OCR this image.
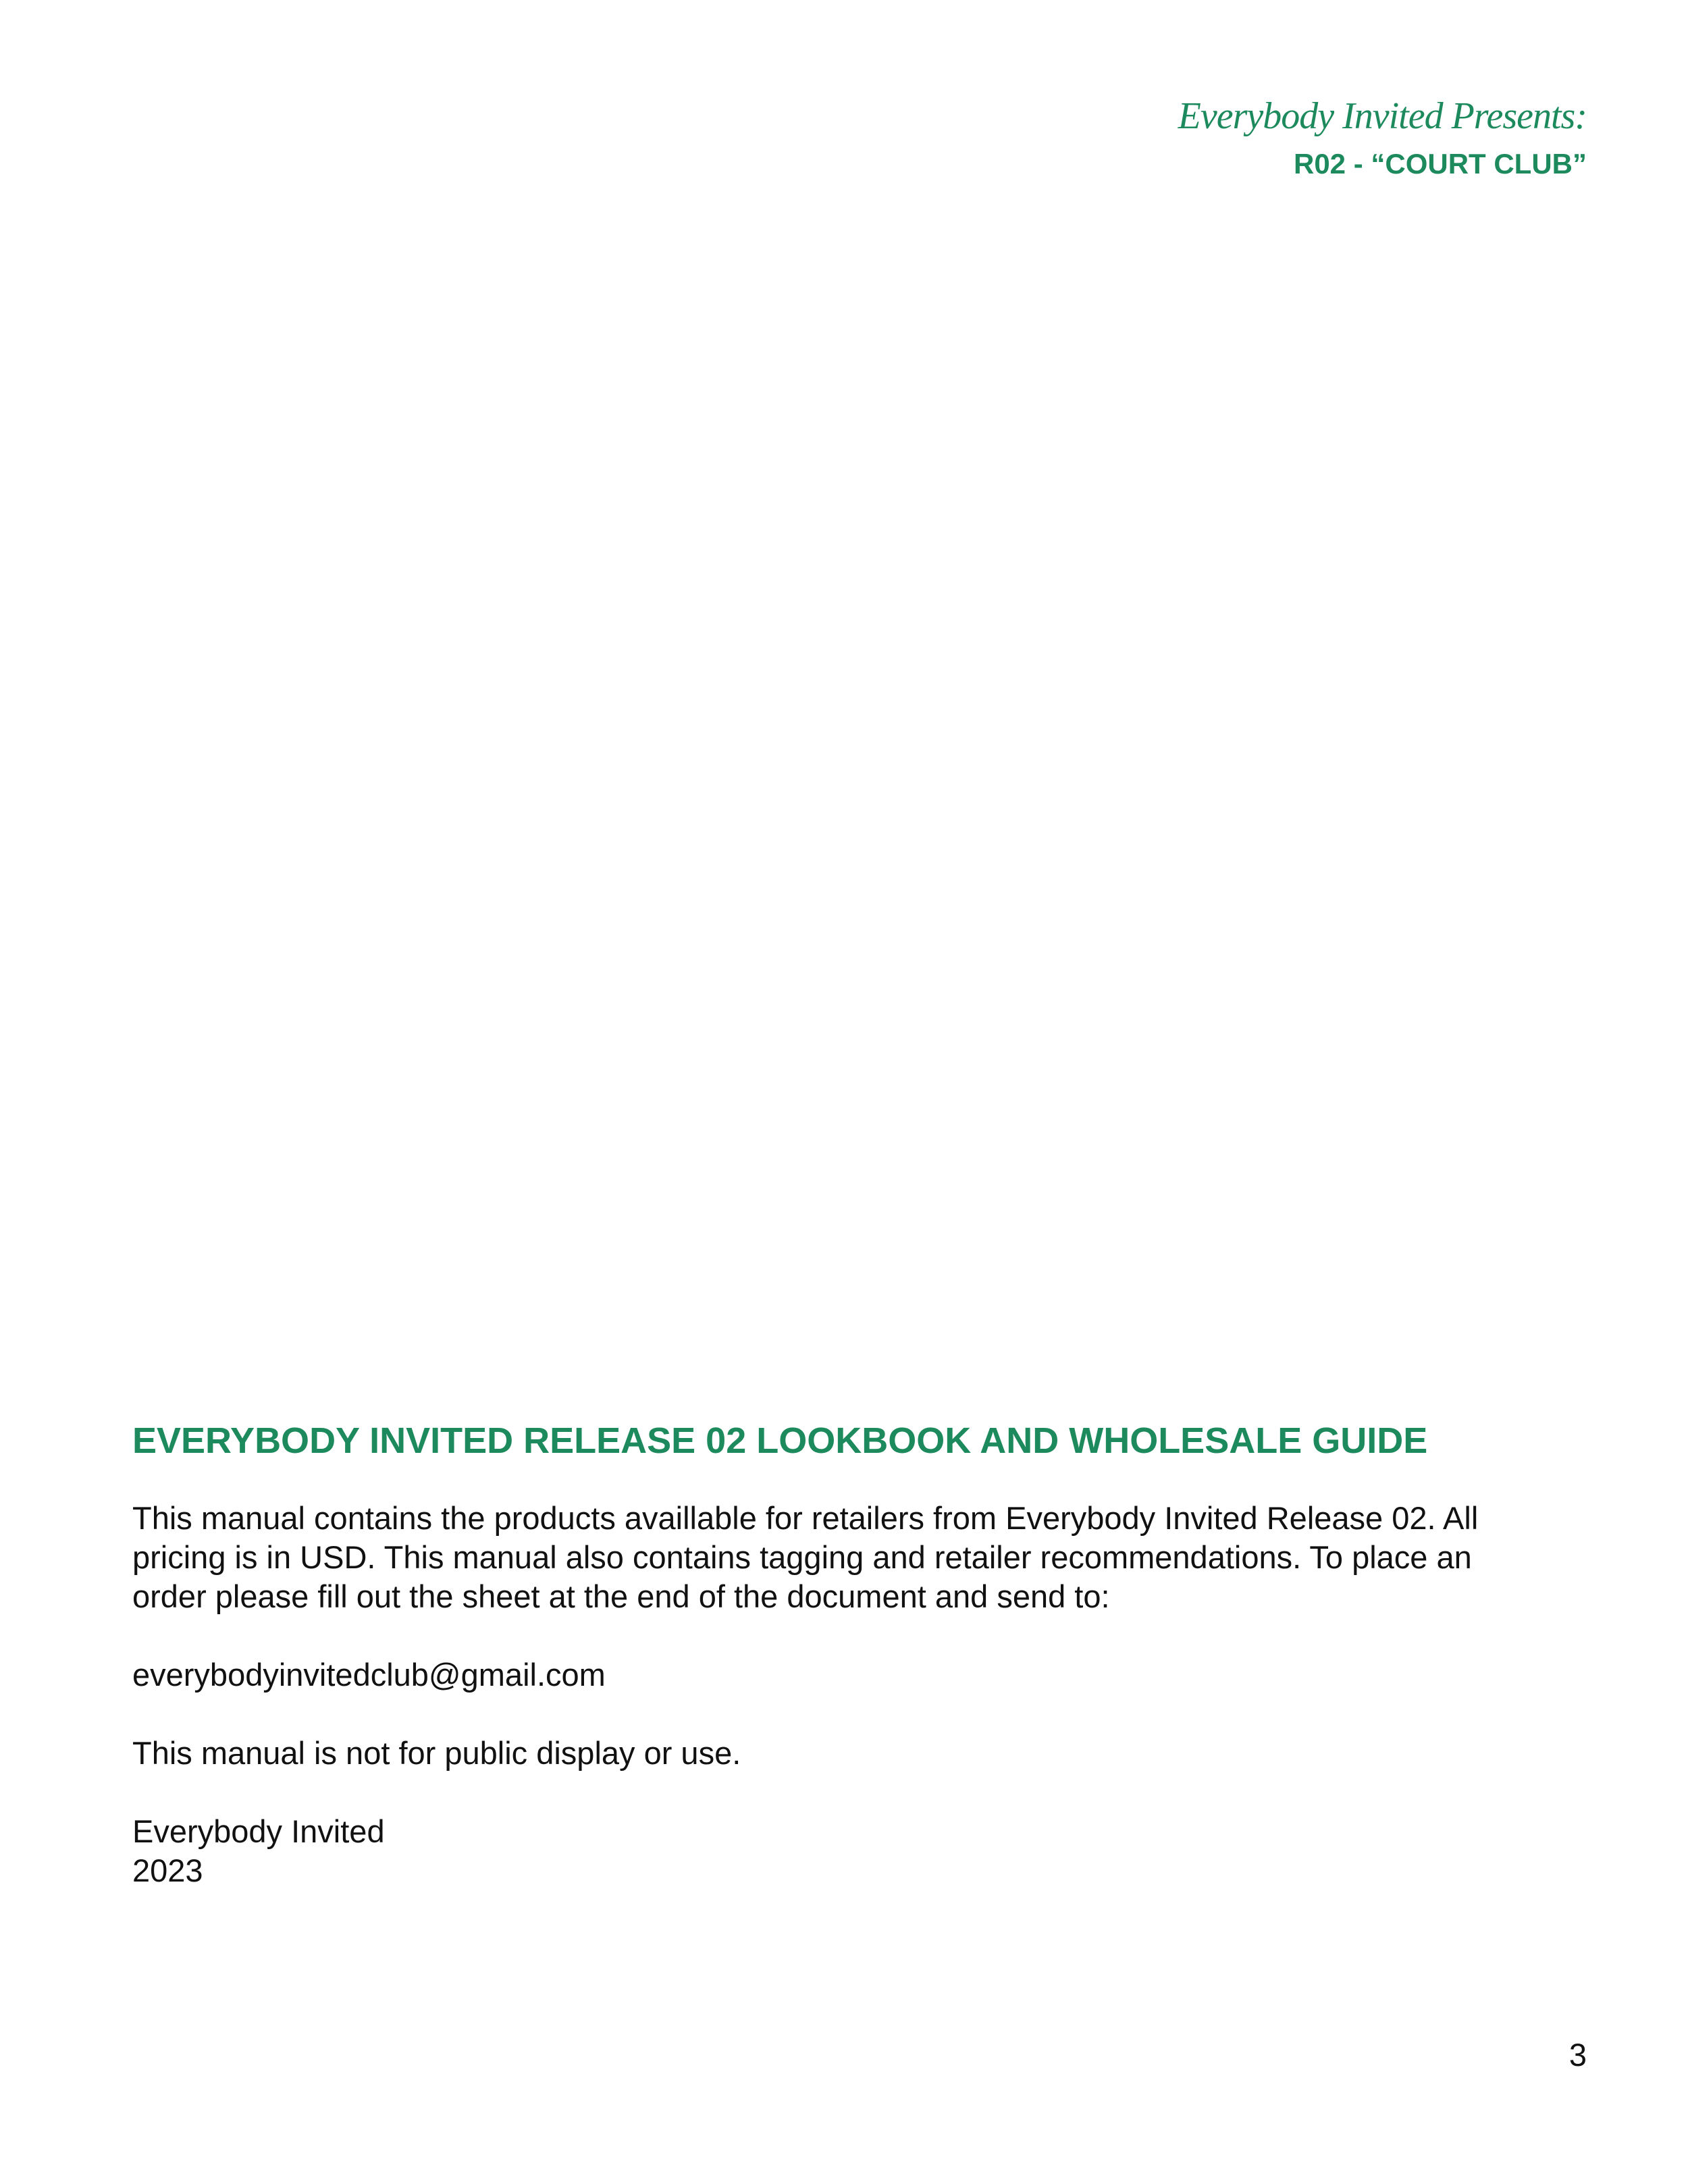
Everybody Invited Presents:
R02 - “COURT CLUB”
EVERYBODY INVITED RELEASE 02 LOOKBOOK AND WHOLESALE GUIDE

This manual contains the products availlable for retailers from Everybody Invited Release 02. All
pricing is in USD. This manual also contains tagging and retailer recommendations. To place an
order please fill out the sheet at the end of the document and send to:

everybodyinvitedclub@gmail.com

This manual is not for public display or use.

Everybody Invited
2023

3
